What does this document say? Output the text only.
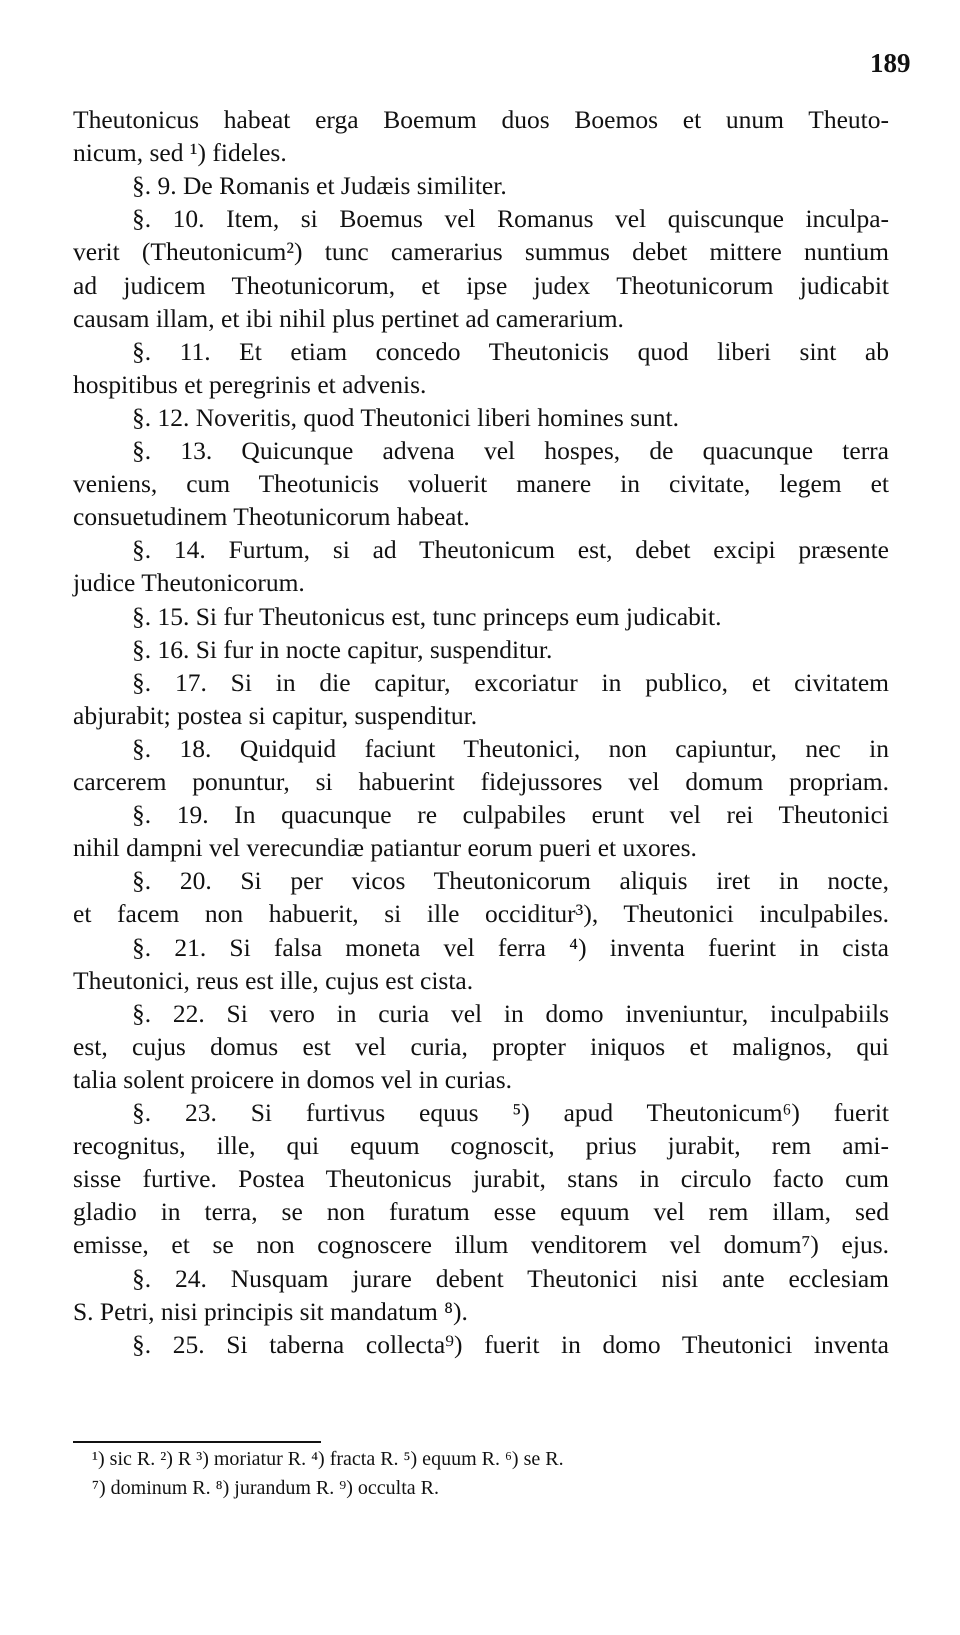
189
Theutonicus habeat erga Boemum duos Boemos et unum Theuto-
nicum, sed ¹) fideles.
§. 9. De Romanis et Judæis similiter.
§. 10. Item, si Boemus vel Romanus vel quiscunque inculpa-
verit (Theutonicum²) tunc camerarius summus debet mittere nuntium
ad judicem Theotunicorum, et ipse judex Theotunicorum judicabit
causam illam, et ibi nihil plus pertinet ad camerarium.
§. 11. Et etiam concedo Theutonicis quod liberi sint ab
hospitibus et peregrinis et advenis.
§. 12. Noveritis, quod Theutonici liberi homines sunt.
§. 13. Quicunque advena vel hospes, de quacunque terra
veniens, cum Theotunicis voluerit manere in civitate, legem et
consuetudinem Theotunicorum habeat.
§. 14. Furtum, si ad Theutonicum est, debet excipi præsente
judice Theutonicorum.
§. 15. Si fur Theutonicus est, tunc princeps eum judicabit.
§. 16. Si fur in nocte capitur, suspenditur.
§. 17. Si in die capitur, excoriatur in publico, et civitatem
abjurabit; postea si capitur, suspenditur.
§. 18. Quidquid faciunt Theutonici, non capiuntur, nec in
carcerem ponuntur, si habuerint fidejussores vel domum propriam.
§. 19. In quacunque re culpabiles erunt vel rei Theutonici
nihil dampni vel verecundiæ patiantur eorum pueri et uxores.
§. 20. Si per vicos Theutonicorum aliquis iret in nocte,
et facem non habuerit, si ille occiditur³), Theutonici inculpabiles.
§. 21. Si falsa moneta vel ferra ⁴) inventa fuerint in cista
Theutonici, reus est ille, cujus est cista.
§. 22. Si vero in curia vel in domo inveniuntur, inculpabiils
est, cujus domus est vel curia, propter iniquos et malignos, qui
talia solent proicere in domos vel in curias.
§. 23. Si furtivus equus ⁵) apud Theutonicum⁶) fuerit
recognitus, ille, qui equum cognoscit, prius jurabit, rem ami-
sisse furtive. Postea Theutonicus jurabit, stans in circulo facto cum
gladio in terra, se non furatum esse equum vel rem illam, sed
emisse, et se non cognoscere illum venditorem vel domum⁷) ejus.
§. 24. Nusquam jurare debent Theutonici nisi ante ecclesiam
S. Petri, nisi principis sit mandatum ⁸).
§. 25. Si taberna collecta⁹) fuerit in domo Theutonici inventa
¹) sic R. ²) R ³) moriatur R. ⁴) fracta R. ⁵) equum R. ⁶) se R.
⁷) dominum R. ⁸) jurandum R. ⁹) occulta R.
